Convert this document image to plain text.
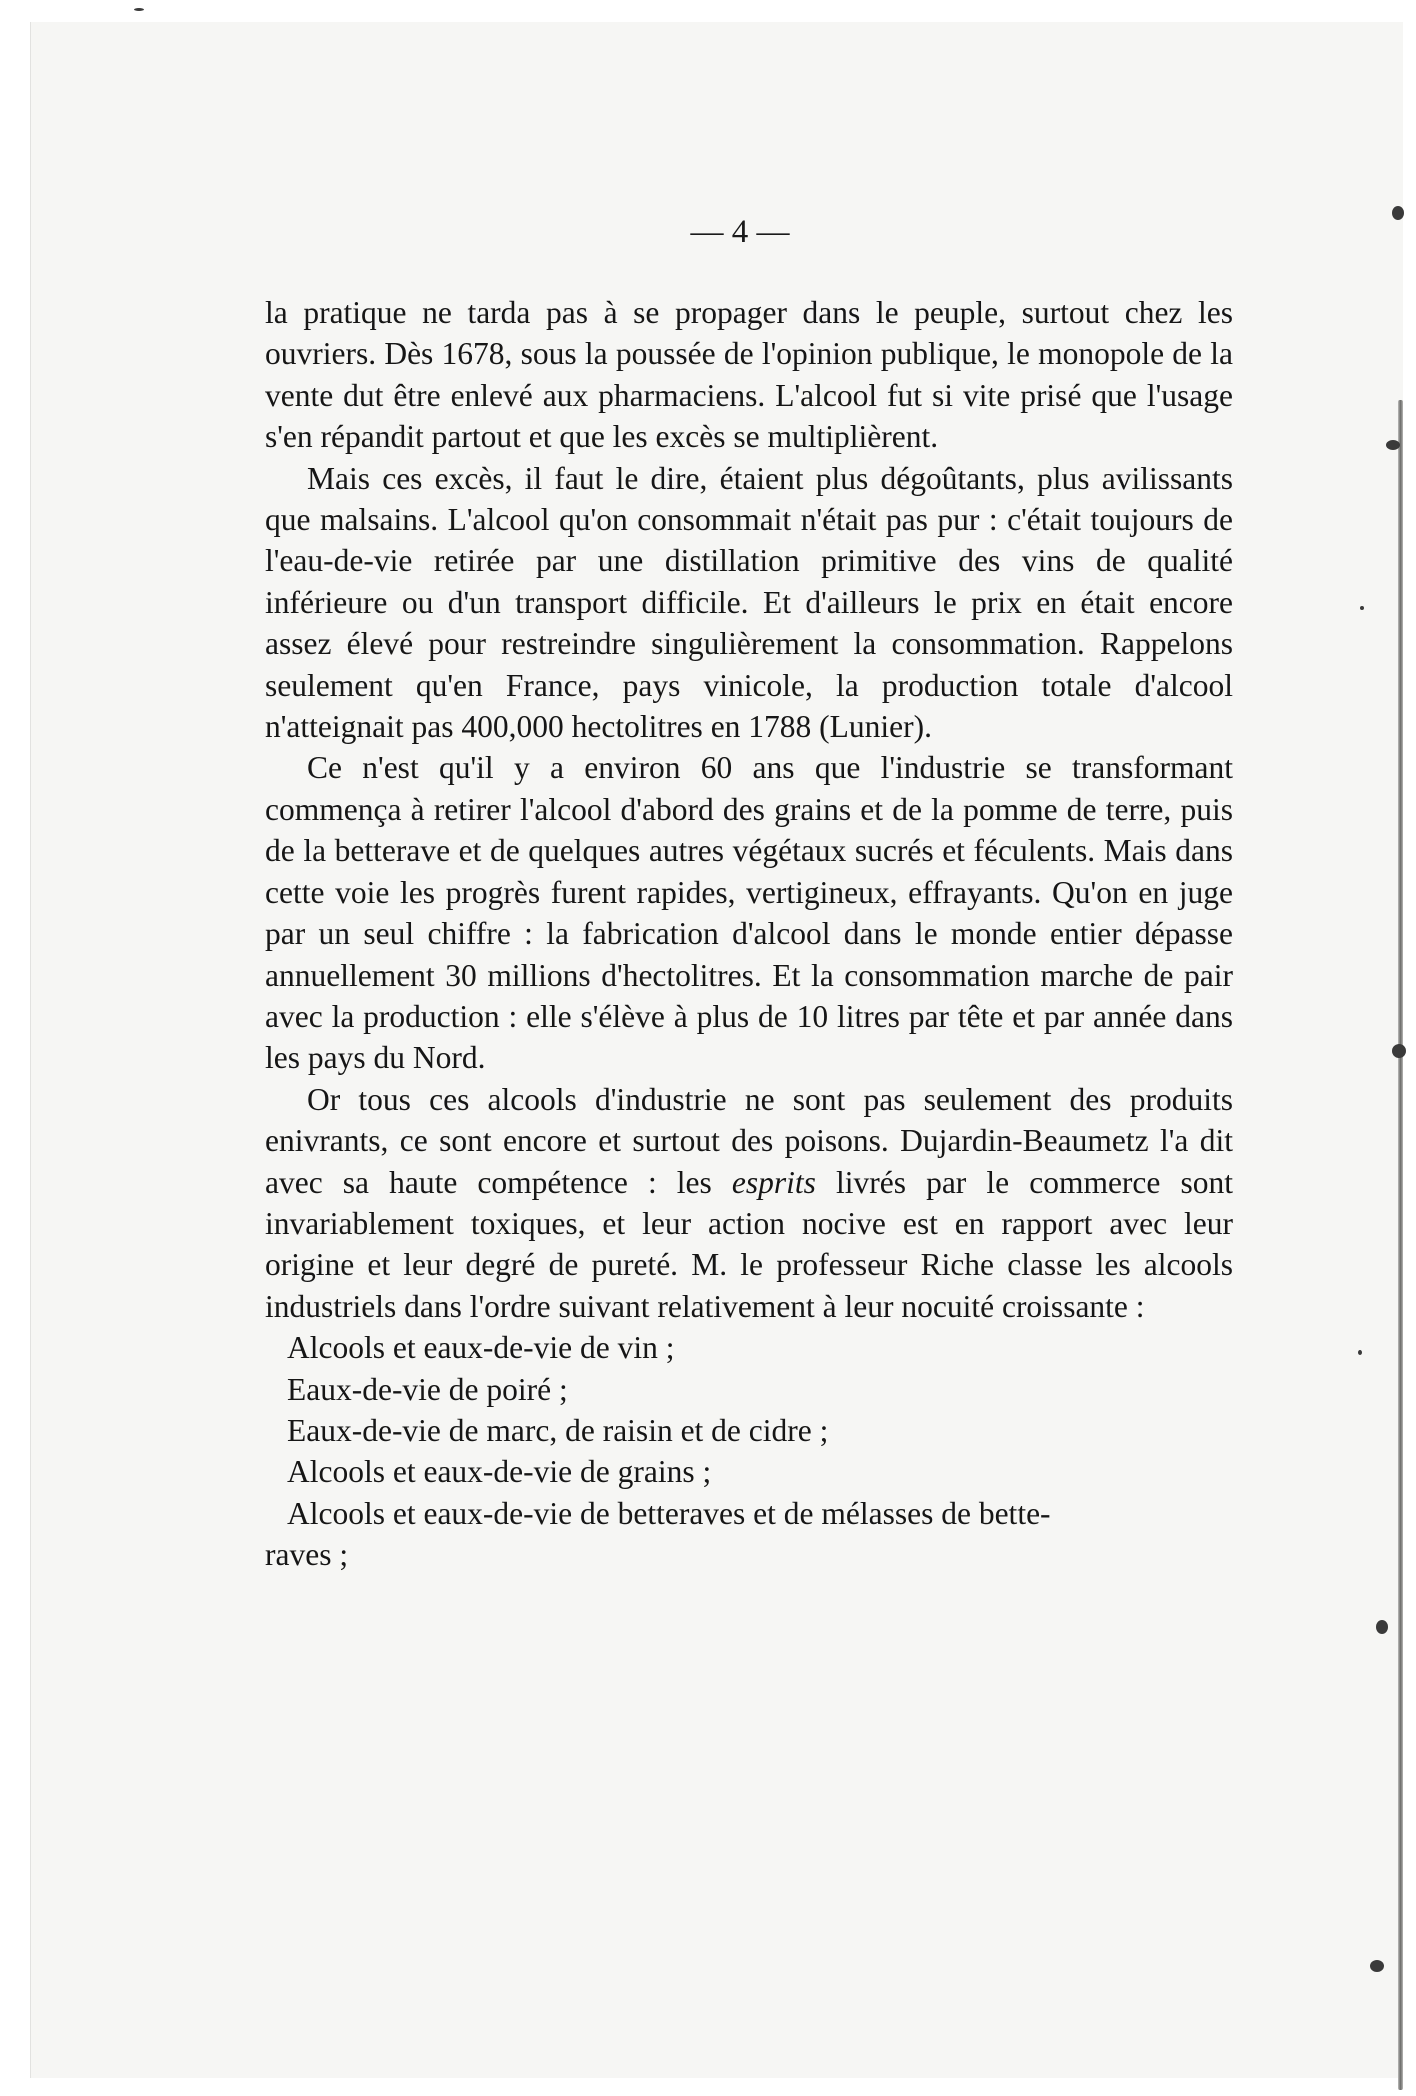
— 4 —

la pratique ne tarda pas à se propager dans le peuple, surtout chez les ouvriers. Dès 1678, sous la poussée de l'opinion publique, le monopole de la vente dut être enlevé aux pharmaciens. L'alcool fut si vite prisé que l'usage s'en répandit partout et que les excès se multiplièrent.

Mais ces excès, il faut le dire, étaient plus dégoûtants, plus avilissants que malsains. L'alcool qu'on consommait n'était pas pur : c'était toujours de l'eau-de-vie retirée par une distillation primitive des vins de qualité inférieure ou d'un transport difficile. Et d'ailleurs le prix en était encore assez élevé pour restreindre singulièrement la consommation. Rappelons seulement qu'en France, pays vinicole, la production totale d'alcool n'atteignait pas 400,000 hectolitres en 1788 (Lunier).

Ce n'est qu'il y a environ 60 ans que l'industrie se transformant commença à retirer l'alcool d'abord des grains et de la pomme de terre, puis de la betterave et de quelques autres végétaux sucrés et féculents. Mais dans cette voie les progrès furent rapides, vertigineux, effrayants. Qu'on en juge par un seul chiffre : la fabrication d'alcool dans le monde entier dépasse annuellement 30 millions d'hectolitres. Et la consommation marche de pair avec la production : elle s'élève à plus de 10 litres par tête et par année dans les pays du Nord.

Or tous ces alcools d'industrie ne sont pas seulement des produits enivrants, ce sont encore et surtout des poisons. Dujardin-Beaumetz l'a dit avec sa haute compétence : les esprits livrés par le commerce sont invariablement toxiques, et leur action nocive est en rapport avec leur origine et leur degré de pureté. M. le professeur Riche classe les alcools industriels dans l'ordre suivant relativement à leur nocuité croissante :

Alcools et eaux-de-vie de vin ;

Eaux-de-vie de poiré ;

Eaux-de-vie de marc, de raisin et de cidre ;

Alcools et eaux-de-vie de grains ;

Alcools et eaux-de-vie de betteraves et de mélasses de bette-
raves ;
